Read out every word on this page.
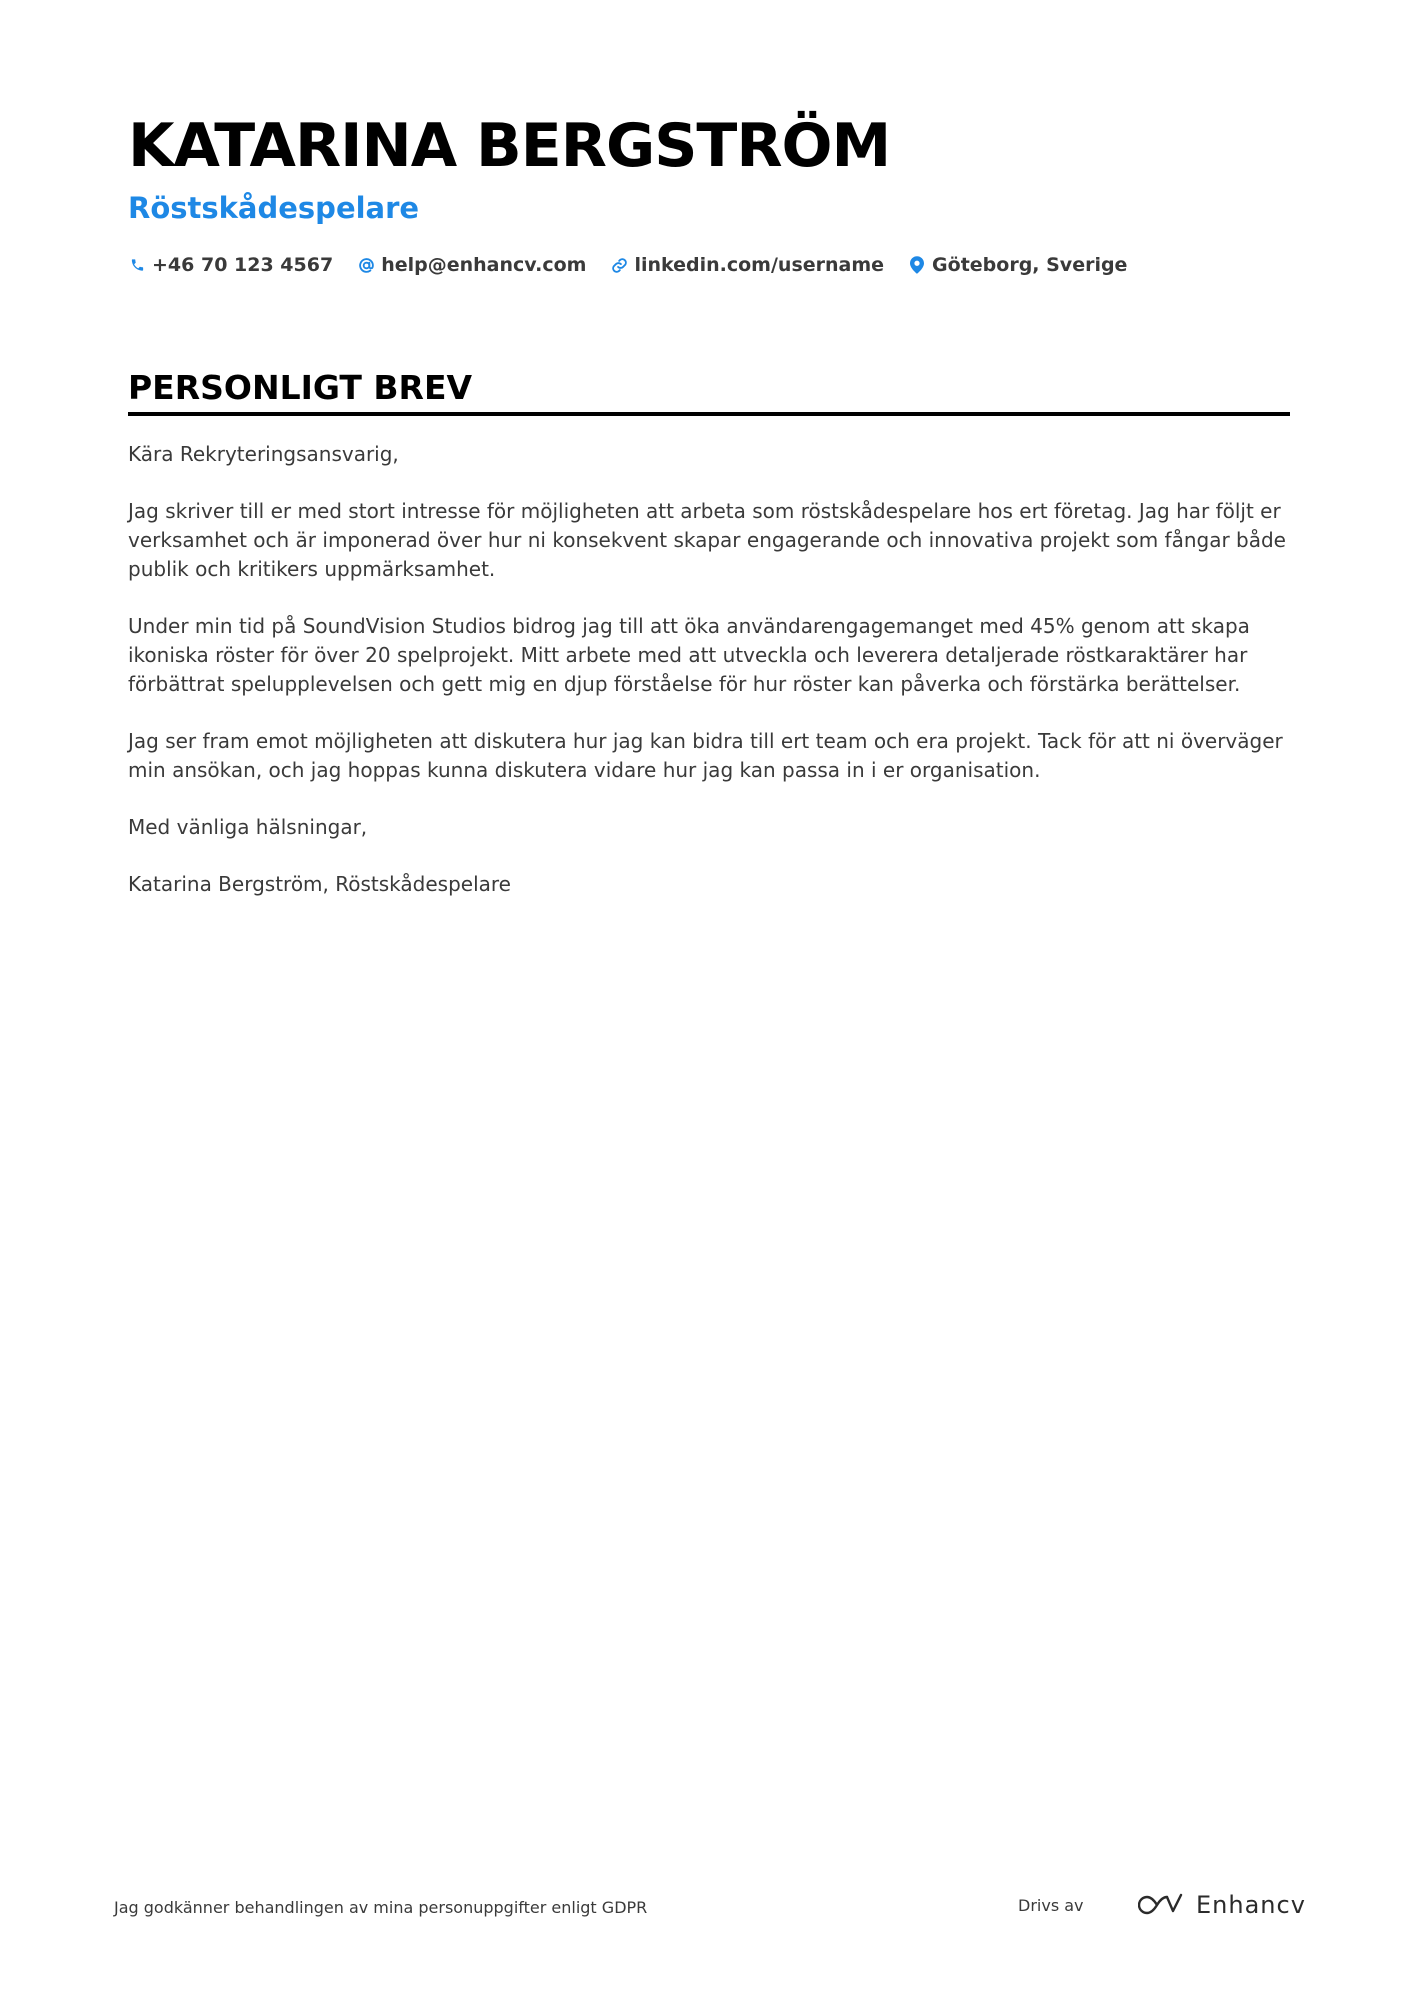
KATARINA BERGSTRÖM
Röstskådespelare
+46 70 123 4567	help@enhancv.com	linkedin.com/username	Göteborg, Sverige
PERSONLIGT BREV

Kära Rekryteringsansvarig,

Jag skriver till er med stort intresse för möjligheten att arbeta som röstskådespelare hos ert företag. Jag har följt er verksamhet och är imponerad över hur ni konsekvent skapar engagerande och innovativa projekt som fångar både publik och kritikers uppmärksamhet.

Under min tid på SoundVision Studios bidrog jag till att öka användarengagemanget med 45% genom att skapa ikoniska röster för över 20 spelprojekt. Mitt arbete med att utveckla och leverera detaljerade röstkaraktärer har förbättrat spelupplevelsen och gett mig en djup förståelse för hur röster kan påverka och förstärka berättelser.

Jag ser fram emot möjligheten att diskutera hur jag kan bidra till ert team och era projekt. Tack för att ni överväger min ansökan, och jag hoppas kunna diskutera vidare hur jag kan passa in i er organisation.

Med vänliga hälsningar,

Katarina Bergström, Röstskådespelare

Jag godkänner behandlingen av mina personuppgifter enligt GDPR	Drivs av	Enhancv
